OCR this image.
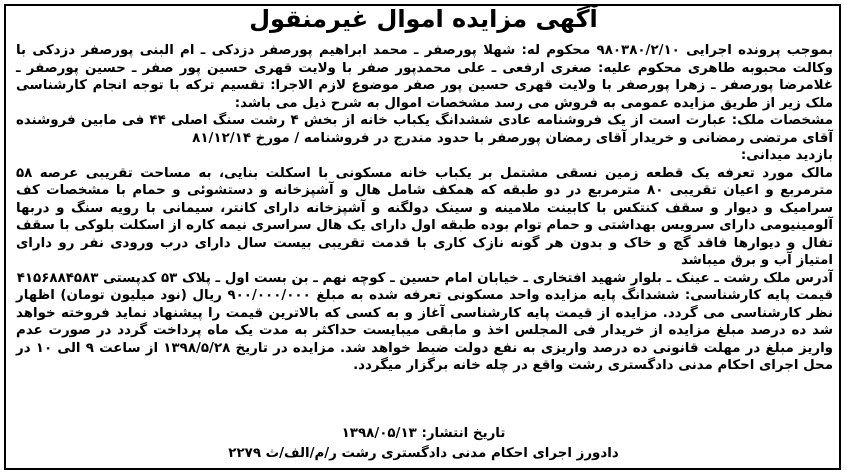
آگهی مزایده اموال غیرمنقول

بموجب پرونده اجرایی ۹۸۰۳۸۰/۲/۱۰ محکوم له: شهلا پورصفر ـ محمد ابراهیم پورصفر دزدکی ـ ام البنی پورصفر دزدکی با وکالت محبوبه طاهری محکوم علیه: صغری ارفعی ـ علی محمدپور صفر با ولایت قهری حسین پور صفر ـ حسین پورصفر ـ غلامرضا پورصفر ـ زهرا پورصفر با ولایت قهری حسین پور صفر موضوع لازم الاجرا: تقسیم ترکه با توجه انجام کارشناسی ملک زیر از طریق مزایده عمومی به فروش می رسد مشخصات اموال به شرح ذیل می باشد:

مشخصات ملک: عبارت است از یک فروشنامه عادی ششدانگ یکباب خانه از بخش ۴ رشت سنگ اصلی ۴۴ فی مابین فروشنده آقای مرتضی رمضانی و خریدار آقای رمضان پورصفر با حدود مندرج در فروشنامه / مورخ ۸۱/۱۲/۱۴

بازدید میدانی:

مالک مورد تعرفه یک قطعه زمین نسقی مشتمل بر یکباب خانه مسکونی با اسکلت بنایی، به مساحت تقریبی عرصه ۵۸ مترمربع و اعیان تقریبی ۸۰ مترمربع در دو طبقه که همکف شامل هال و آشپزخانه و دستشوئی و حمام با مشخصات کف سرامیک و دیوار و سقف کنتکس با کابینت ملامینه و سینک دولگنه و آشپزخانه دارای کانتر، سیمانی با رویه سنگ و دربها آلومینیومی دارای سرویس بهداشتی و حمام توام بوده طبقه اول دارای یک هال سراسری نیمه کاره از اسکلت بلوکی با سقف تفال و دیوارها فاقد گچ و خاک و بدون هر گونه نازک کاری با قدمت تقریبی بیست سال دارای درب ورودی نفر رو دارای امتیاز آب و برق میباشد

آدرس ملک رشت ـ عینک ـ بلوار شهید افتخاری ـ خیابان امام حسین ـ کوچه نهم ـ بن بست اول ـ پلاک ۵۳ کدپستی ۴۱۵۶۸۸۴۵۸۳

قیمت پایه کارشناسی: ششدانگ پایه مزایده واحد مسکونی تعرفه شده به مبلغ ۹۰۰/۰۰۰/۰۰۰ ریال (نود میلیون تومان) اظهار نظر کارشناسی می گردد. مزایده از قیمت پایه کارشناسی آغاز و به کسی که بالاترین قیمت را پیشنهاد نماید فروخته خواهد شد ده درصد مبلغ مزایده از خریدار فی المجلس اخذ و مابقی میبایست حداکثر به مدت یک ماه پرداخت گردد در صورت عدم واریز مبلغ در مهلت قانونی ده درصد واریزی به نفع دولت ضبط خواهد شد. مزایده در تاریخ ۱۳۹۸/۵/۲۸ از ساعت ۹ الی ۱۰ در محل اجرای احکام مدنی دادگستری رشت واقع در چله خانه برگزار میگردد.

تاریخ انتشار: ۱۳۹۸/۰۵/۱۳
دادورز اجرای احکام مدنی دادگستری رشت ر/م/الف/ث ۲۲۷۹
